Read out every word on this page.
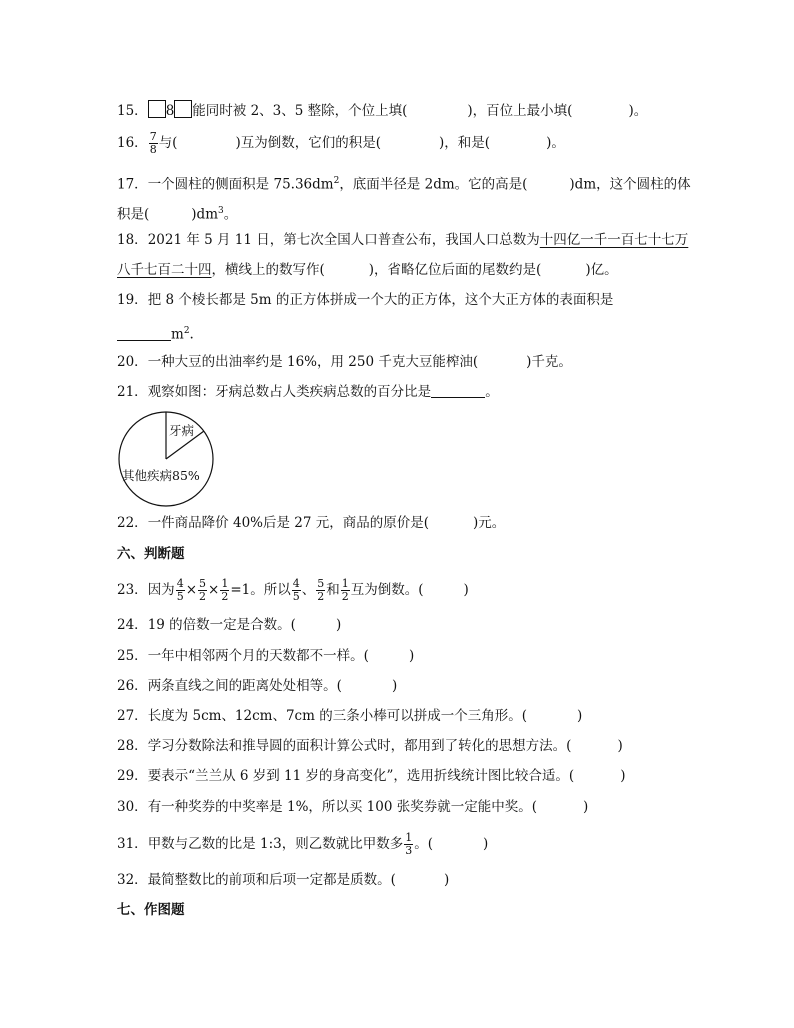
15． 8 能同时被 2、3、5 整除，个位上填(	)，百位上最小填(	)。
16． $\frac{7}{8}$ 与(	)互为倒数，它们的积是(	)，和是(	)。
17．一个圆柱的侧面积是 $75.36dm^2$，底面半径是 2dm。它的高是(	)dm，这个圆柱的体
积是(	)$dm^3$。
18．2021 年 5 月 11 日，第七次全国人口普查公布，我国人口总数为十四亿一千一百七十七万
八千七百二十四，横线上的数写作(	)，省略亿位后面的尾数约是(	)亿。
19．把 8 个棱长都是 5m 的正方体拼成一个大的正方体，这个大正方体的表面积是
$m^2$.
20．一种大豆的出油率约是 16%，用 250 千克大豆能榨油(	)千克。
21．观察如图：牙病总数占人类疾病总数的百分比是	。
牙病
其他疾病85%
22．一件商品降价 40%后是 27 元，商品的原价是(	)元。
六、判断题
23．因为 $\frac{4}{5} \times \frac{5}{2} \times \frac{1}{2} =1$。所以 $\frac{4}{5}$ 、 $\frac{5}{2}$ 和 $\frac{1}{2}$ 互为倒数。(	)
24．19 的倍数一定是合数。(	)
25．一年中相邻两个月的天数都不一样。(	)
26．两条直线之间的距离处处相等。(	)
27．长度为 5cm、12cm、7cm 的三条小棒可以拼成一个三角形。(	)
28．学习分数除法和推导圆的面积计算公式时，都用到了转化的思想方法。(	)
29．要表示“兰兰从 6 岁到 11 岁的身高变化”，选用折线统计图比较合适。(	)
30．有一种奖券的中奖率是 1%，所以买 100 张奖券就一定能中奖。(	)
31．甲数与乙数的比是 1:3，则乙数就比甲数多 $\frac{1}{3}$ 。(	)
32．最简整数比的前项和后项一定都是质数。(	)
七、作图题
